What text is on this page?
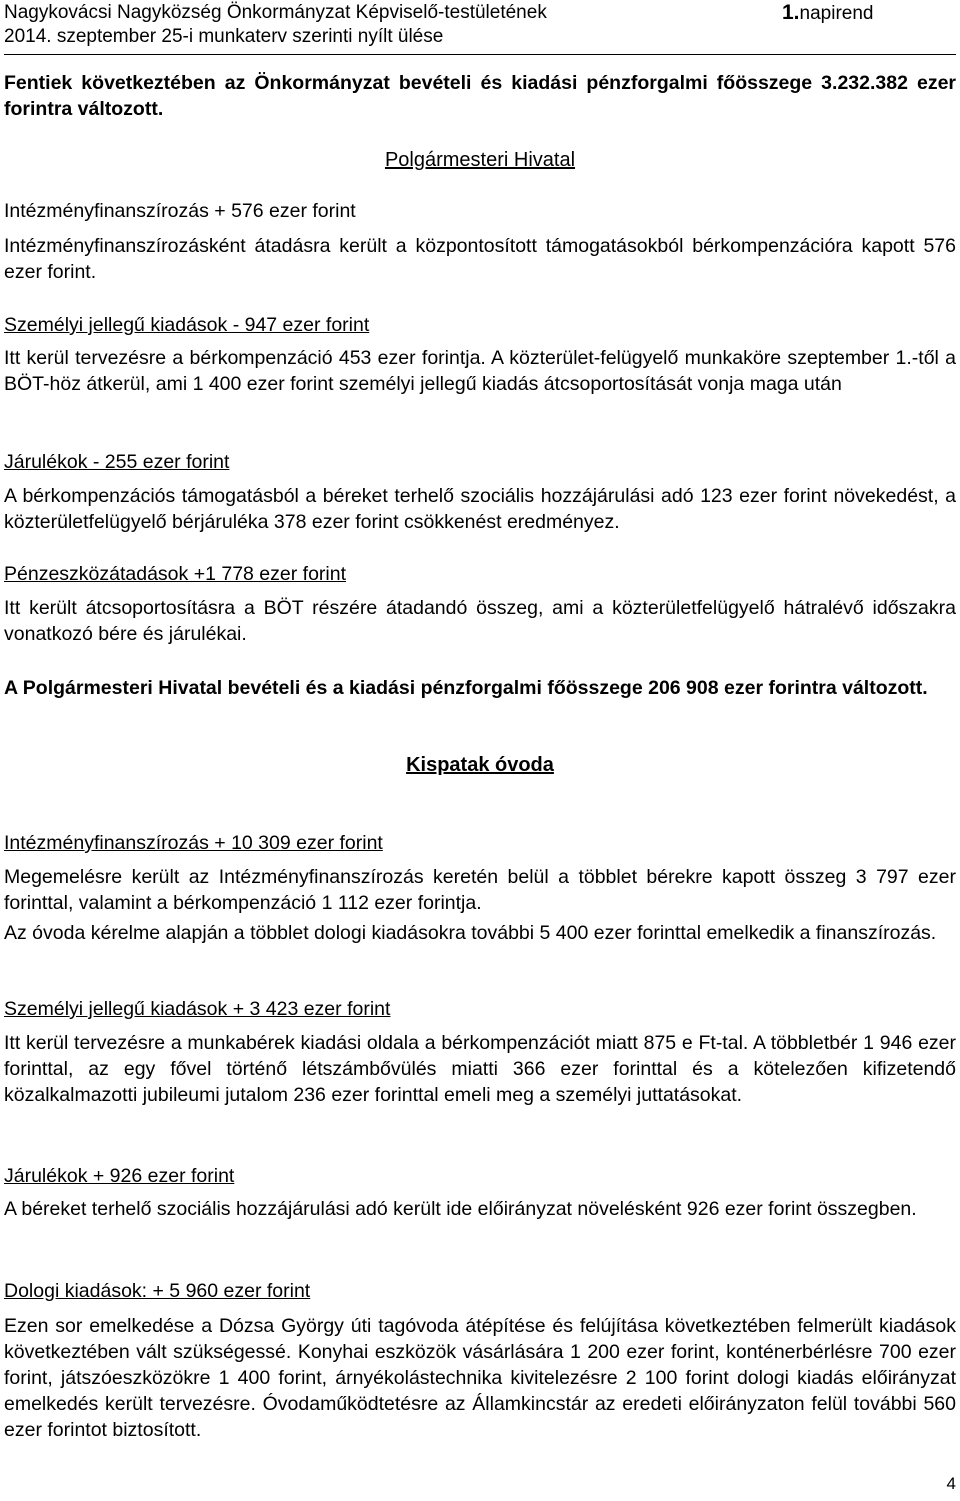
Nagykovácsi Nagyközség Önkormányzat Képviselő-testületének
2014. szeptember 25-i munkaterv szerinti nyílt ülése
1.napirend

Fentiek következtében az Önkormányzat bevételi és kiadási pénzforgalmi főösszege 3.232.382 ezer forintra változott.

Polgármesteri Hivatal

Intézményfinanszírozás + 576 ezer forint

Intézményfinanszírozásként átadásra került a központosított támogatásokból bérkompenzációra kapott 576 ezer forint.

Személyi jellegű kiadások - 947 ezer forint

Itt kerül tervezésre a bérkompenzáció 453 ezer forintja. A közterület-felügyelő munkaköre szeptember 1.-től a BÖT-höz átkerül, ami 1 400 ezer forint személyi jellegű kiadás átcsoportosítását vonja maga után

Járulékok - 255 ezer forint

A bérkompenzációs támogatásból a béreket terhelő szociális hozzájárulási adó 123 ezer forint növekedést, a közterületfelügyelő bérjáruléka 378 ezer forint csökkenést eredményez.

Pénzeszközátadások +1 778 ezer forint

Itt került átcsoportosításra a BÖT részére átadandó összeg, ami a közterületfelügyelő hátralévő időszakra vonatkozó bére és járulékai.

A Polgármesteri Hivatal bevételi és a kiadási pénzforgalmi főösszege 206 908 ezer forintra változott.

Kispatak óvoda

Intézményfinanszírozás + 10 309 ezer forint

Megemelésre került az Intézményfinanszírozás keretén belül a többlet bérekre kapott összeg 3 797 ezer forinttal, valamint a bérkompenzáció 1 112 ezer forintja.

Az óvoda kérelme alapján a többlet dologi kiadásokra további 5 400 ezer forinttal emelkedik a finanszírozás.

Személyi jellegű kiadások + 3 423 ezer forint

Itt kerül tervezésre a munkabérek kiadási oldala a bérkompenzációt miatt 875 e Ft-tal. A többletbér 1 946 ezer forinttal, az egy fővel történő létszámbővülés miatti 366 ezer forinttal és a kötelezően kifizetendő közalkalmazotti jubileumi jutalom 236 ezer forinttal emeli meg a személyi juttatásokat.

Járulékok + 926 ezer forint

A béreket terhelő szociális hozzájárulási adó került ide előirányzat növelésként 926 ezer forint összegben.

Dologi kiadások: + 5 960 ezer forint

Ezen sor emelkedése a Dózsa György úti tagóvoda átépítése és felújítása következtében felmerült kiadások következtében vált szükségessé. Konyhai eszközök vásárlására 1 200 ezer forint, konténerbérlésre 700 ezer forint, játszóeszközökre 1 400 forint, árnyékolástechnika kivitelezésre 2 100 forint dologi kiadás előirányzat emelkedés került tervezésre. Óvodaműködtetésre az Államkincstár az eredeti előirányzaton felül további 560 ezer forintot biztosított.

4
